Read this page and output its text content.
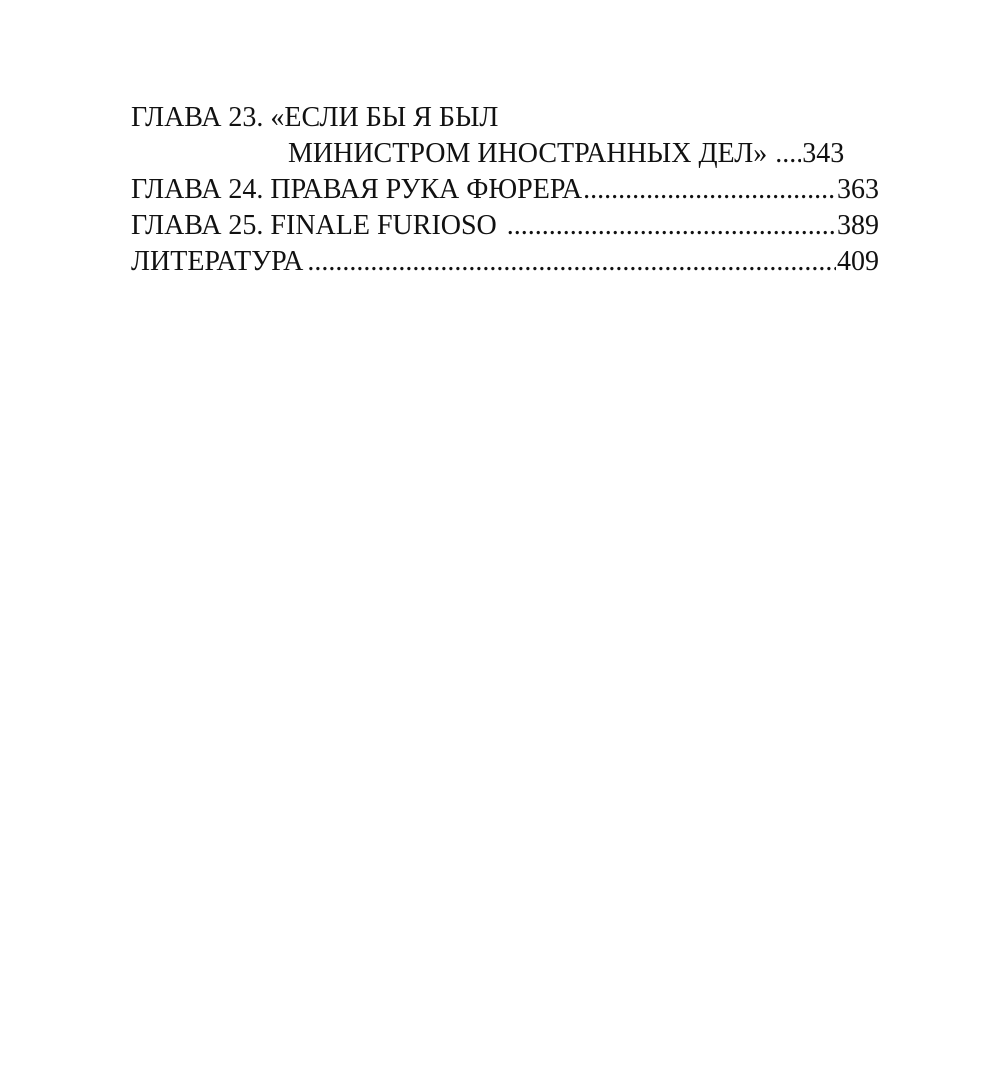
ГЛАВА 23. «ЕСЛИ БЫ Я БЫЛ
МИНИСТРОМ ИНОСТРАННЫХ ДЕЛ» ..... 343
ГЛАВА 24. ПРАВАЯ РУКА ФЮРЕРА .....	363
ГЛАВА 25. FINALE FURIOSO .....	389
ЛИТЕРАТУРА .....	409
